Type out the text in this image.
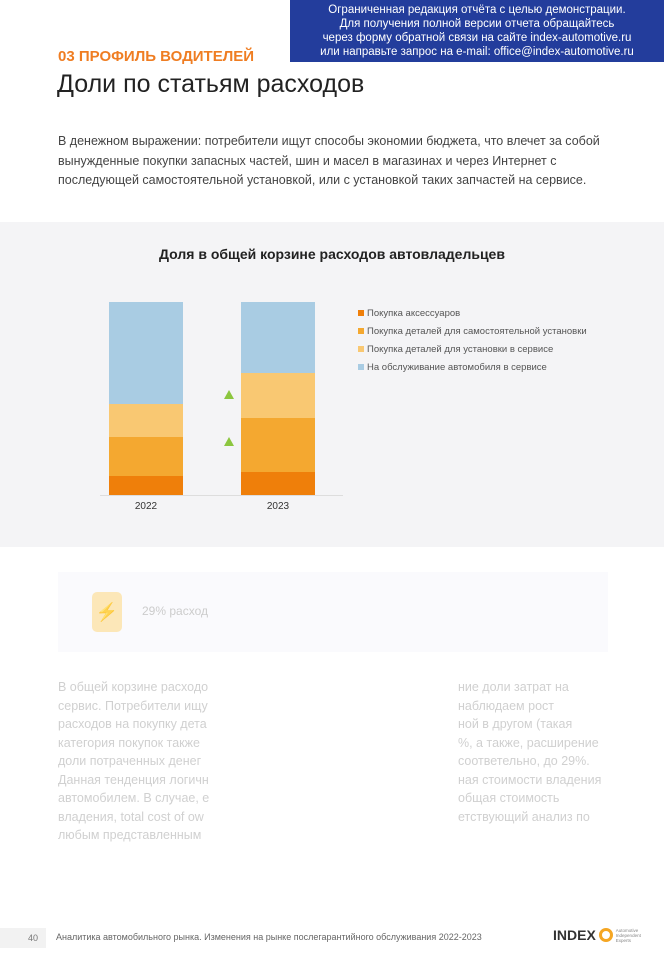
Ограниченная редакция отчёта с целью демонстрации.
Для получения полной версии отчета обращайтесь
через форму обратной связи на сайте index-automotive.ru
или направьте запрос на e-mail: office@index-automotive.ru
03 ПРОФИЛЬ ВОДИТЕЛЕЙ
Доли по статьям расходов
В денежном выражении: потребители ищут способы экономии бюджета, что влечет за собой вынужденные покупки запасных частей, шин и масел в магазинах и через Интернет с последующей самостоятельной установкой, или с установкой таких запчастей на сервисе.
Доля в общей корзине расходов автовладельцев
2022	2023
Покупка аксессуаров
Покупка деталей для самостоятельной установки
Покупка деталей для установки в сервисе
На обслуживание автомобиля в сервисе
⚡	29% расход
В общей корзине расходо	ние доли затрат на
сервис. Потребители ищу	наблюдаем рост
расходов на покупку дета	ной в другом (такая
категория покупок также	%, а также, расширение
доли потраченных денег	соответельно, до 29%.
Данная тенденция логичн	ная стоимости владения
автомобилем. В случае, е	общая стоимость
владения, total cost of ow	етствующий анализ по
любым представленным
40	Аналитика автомобильного рынка. Изменения на рынке послегарантийного обслуживания 2022-2023	INDEX	Automotive Independent Experts
